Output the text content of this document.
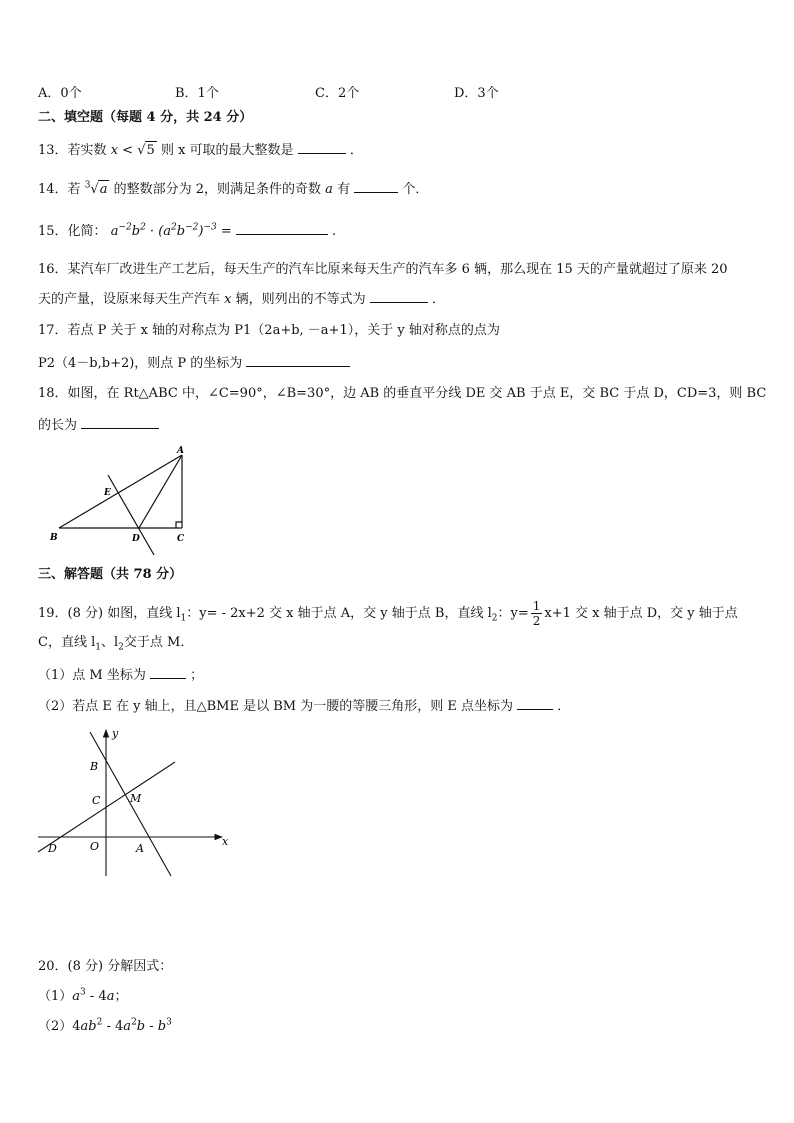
A．0个	B．1个	C．2个	D．3个
二、填空题（每题 4 分，共 24 分）
13．若实数 x < √5 则 x 可取的最大整数是	．
14．若 $^3$√a 的整数部分为 2，则满足条件的奇数 a 有	个．
15．化简： $a^{-2}b^2 \cdot (a^2b^{-2})^{-3}$ =	.
16．某汽车厂改进生产工艺后，每天生产的汽车比原来每天生产的汽车多 6 辆，那么现在 15 天的产量就超过了原来 20
天的产量，设原来每天生产汽车 x 辆，则列出的不等式为	．
17．若点 P 关于 x 轴的对称点为 P1（2a+b, －a+1），关于 y 轴对称点的点为
P2（4－b,b+2)，则点 P 的坐标为
18．如图，在 Rt△ABC 中，∠C=90°，∠B=30°，边 AB 的垂直平分线 DE 交 AB 于点 E，交 BC 于点 D，CD=3，则 BC
的长为
A
E
B	D	C
三、解答题（共 78 分）
19．(8 分) 如图，直线 $l_1$：y= - 2x+2 交 x 轴于点 A，交 y 轴于点 B，直线 $l_2$：$y= \frac{1}{2} x+1$ 交 x 轴于点 D，交 y 轴于点
C，直线 $l_1$、$l_2$交于点 M．
（1）点 M 坐标为	；
（2）若点 E 在 y 轴上，且△BME 是以 BM 为一腰的等腰三角形，则 E 点坐标为	．
y
x
B
C	M
D	O	A
20．(8 分) 分解因式：
$(1)a^3 - 4a$；
$(2)4ab^2 - 4a^2b - b^3$
